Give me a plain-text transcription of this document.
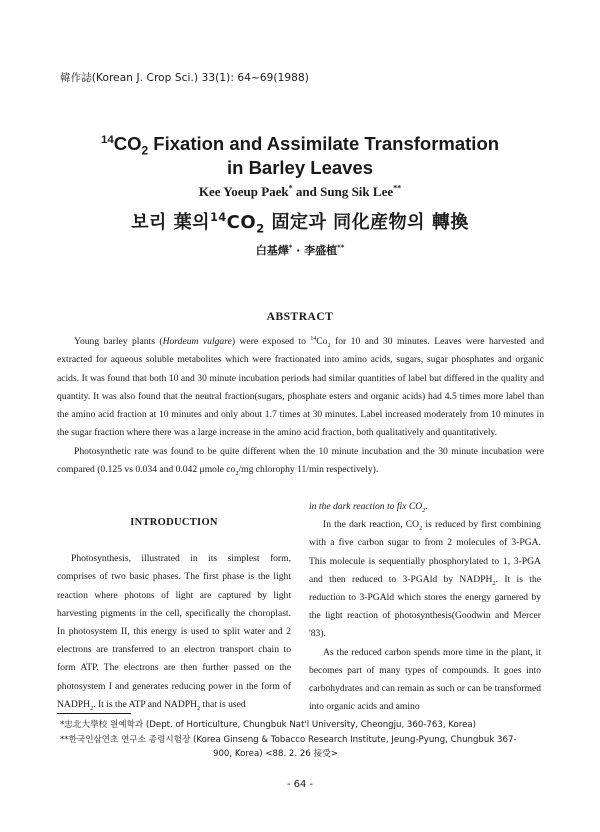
韓作誌(Korean J. Crop Sci.) 33(1): 64~69(1988)
$^{14}CO_2$ Fixation and Assimilate Transformation
in Barley Leaves
Kee Yoeup Paek* and Sung Sik Lee**
보리 葉의$^{14}CO_2$ 固定과 同化産物의 轉換
白基燁* · 李盛植**
ABSTRACT

Young barley plants (Hordeum vulgare) were exposed to $^{14}Co_2$ for 10 and 30 minutes. Leaves were harvested and extracted for aqueous soluble metabolites which were fractionated into amino acids, sugars, sugar phosphates and organic acids. It was found that both 10 and 30 minute incubation periods had similar quantities of label but differed in the quality and quantity. It was also found that the neutral fraction(sugars, phosphate esters and organic acids) had 4.5 times more label than the amino acid fraction at 10 minutes and only about 1.7 times at 30 minutes. Label increased moderately from 10 minutes in the sugar fraction where there was a large increase in the amino acid fraction, both qualitatively and quantitatively.

Photosynthetic rate was found to be quite different when the 10 minute incubation and the 30 minute incubation were compared (0.125 vs 0.034 and 0.042 μmole $co_2/mg$ chlorophy 11/min respectively).

INTRODUCTION

Photosynthesis, illustrated in its simplest form, comprises of two basic phases. The first phase is the light reaction where photons of light are captured by light harvesting pigments in the cell, specifically the choroplast. In photosystem II, this energy is used to split water and 2 electrons are transferred to an electron transport chain to form ATP. The electrons are then further passed on the photosystem I and generates reducing power in the form of $NADPH_2$. It is the ATP and $NADPH_2$ that is used

in the dark reaction to fix $CO_2$.

In the dark reaction, $CO_2$ is reduced by first combining with a five carbon sugar to from 2 molecules of 3-PGA. This molecule is sequentially phosphorylated to 1, 3-PGA and then reduced to 3-PGAld by $NADPH_2$. It is the reduction to 3-PGAld which stores the energy garnered by the light reaction of photosynthesis(Goodwin and Mercer '83).

As the reduced carbon spends more time in the plant, it becomes part of many types of compounds. It goes into carbohydrates and can remain as such or can be transformed into organic acids and amino

*忠北大學校 원예학과 (Dept. of Horticulture, Chungbuk Nat'l University, Cheongju, 360-763, Korea)

**한국인삼연초 연구소 종령시험장 (Korea Ginseng & Tobacco Research Institute, Jeung-Pyung, Chungbuk 367-

900, Korea) <88. 2. 26 接受>

- 64 -
